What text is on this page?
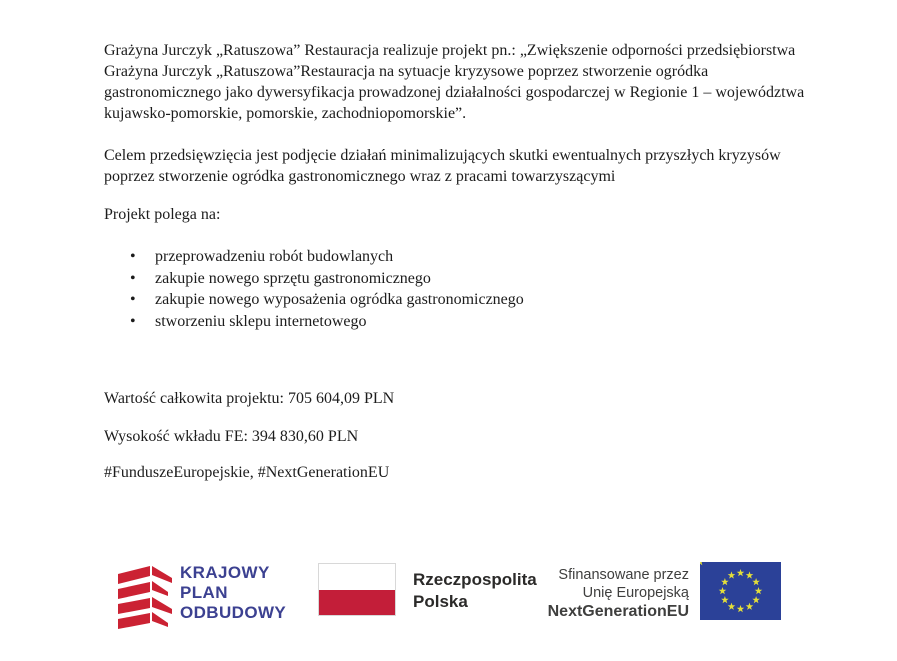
Grażyna Jurczyk „Ratuszowa” Restauracja realizuje projekt pn.: „Zwiększenie odporności przedsiębiorstwa Grażyna Jurczyk „Ratuszowa”Restauracja na sytuacje kryzysowe poprzez stworzenie ogródka gastronomicznego jako dywersyfikacja prowadzonej działalności gospodarczej w Regionie 1 – województwa kujawsko-pomorskie, pomorskie, zachodniopomorskie”.

Celem przedsięwzięcia jest podjęcie działań minimalizujących skutki ewentualnych przyszłych kryzysów poprzez stworzenie ogródka gastronomicznego wraz z pracami towarzyszącymi

Projekt polega na:

• przeprowadzeniu robót budowlanych
• zakupie nowego sprzętu gastronomicznego
• zakupie nowego wyposażenia ogródka gastronomicznego
• stworzeniu sklepu internetowego

Wartość całkowita projektu: 705 604,09 PLN

Wysokość wkładu FE: 394 830,60 PLN

#FunduszeEuropejskie, #NextGenerationEU

KRAJOWY
PLAN
ODBUDOWY
Rzeczpospolita
Polska
Sfinansowane przez
Unię Europejską
NextGenerationEU
